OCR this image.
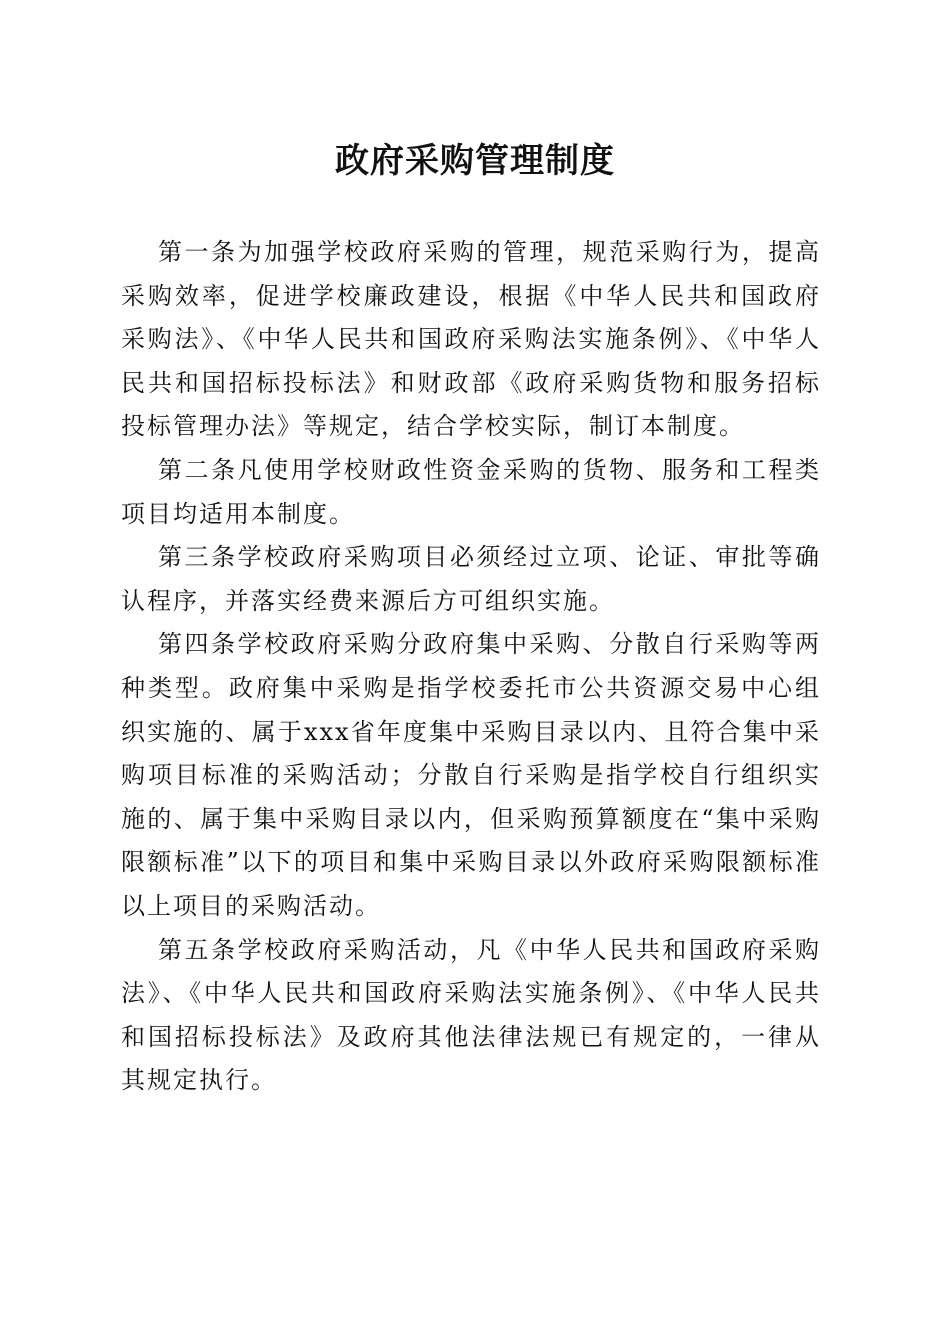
政府采购管理制度

第一条为加强学校政府采购的管理，规范采购行为，提高采购效率，促进学校廉政建设，根据《中华人民共和国政府采购法》、《中华人民共和国政府采购法实施条例》、《中华人民共和国招标投标法》和财政部《政府采购货物和服务招标投标管理办法》等规定，结合学校实际，制订本制度。

第二条凡使用学校财政性资金采购的货物、服务和工程类项目均适用本制度。

第三条学校政府采购项目必须经过立项、论证、审批等确认程序，并落实经费来源后方可组织实施。

第四条学校政府采购分政府集中采购、分散自行采购等两种类型。政府集中采购是指学校委托市公共资源交易中心组织实施的、属于xxx省年度集中采购目录以内、且符合集中采购项目标准的采购活动；分散自行采购是指学校自行组织实施的、属于集中采购目录以内，但采购预算额度在“集中采购限额标准”以下的项目和集中采购目录以外政府采购限额标准以上项目的采购活动。

第五条学校政府采购活动，凡《中华人民共和国政府采购法》、《中华人民共和国政府采购法实施条例》、《中华人民共和国招标投标法》及政府其他法律法规已有规定的，一律从其规定执行。
